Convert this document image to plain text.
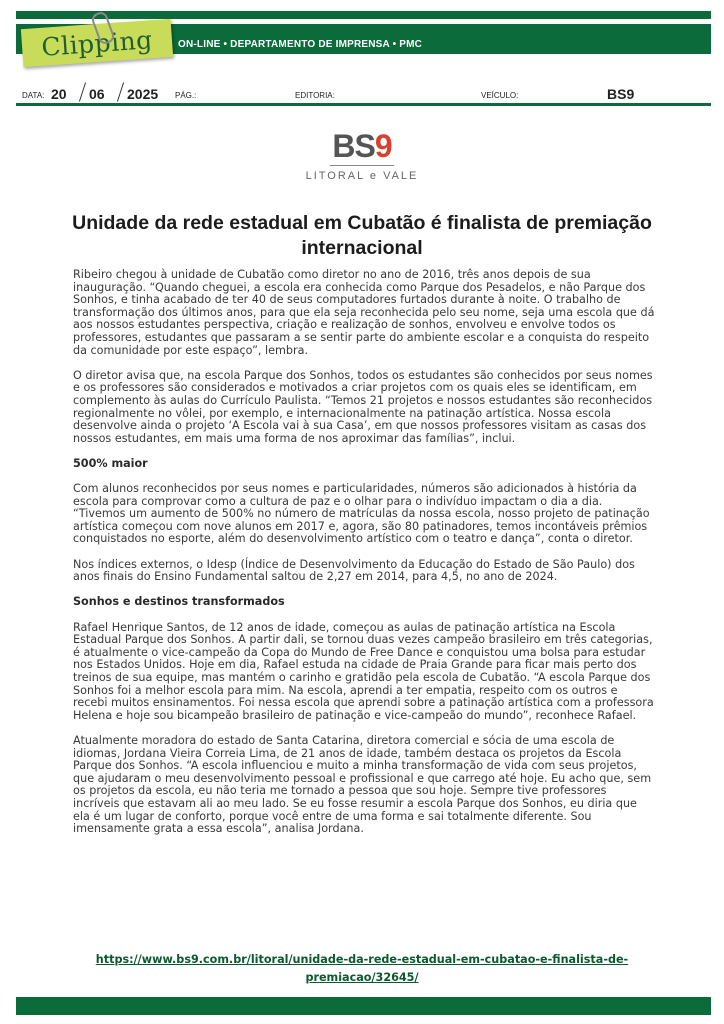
Clipping ON-LINE • DEPARTAMENTO DE IMPRENSA • PMC
DATA: 20 06 2025 PÁG.:	EDITORIA:	VEÍCULO:	BS9
BS9
LITORAL e VALE
Unidade da rede estadual em Cubatão é finalista de premiação internacional

Ribeiro chegou à unidade de Cubatão como diretor no ano de 2016, três anos depois de sua inauguração. “Quando cheguei, a escola era conhecida como Parque dos Pesadelos, e não Parque dos Sonhos, e tinha acabado de ter 40 de seus computadores furtados durante à noite. O trabalho de transformação dos últimos anos, para que ela seja reconhecida pelo seu nome, seja uma escola que dá aos nossos estudantes perspectiva, criação e realização de sonhos, envolveu e envolve todos os professores, estudantes que passaram a se sentir parte do ambiente escolar e a conquista do respeito da comunidade por este espaço”, lembra.

O diretor avisa que, na escola Parque dos Sonhos, todos os estudantes são conhecidos por seus nomes e os professores são considerados e motivados a criar projetos com os quais eles se identificam, em complemento às aulas do Currículo Paulista. “Temos 21 projetos e nossos estudantes são reconhecidos regionalmente no vôlei, por exemplo, e internacionalmente na patinação artística. Nossa escola desenvolve ainda o projeto ‘A Escola vai à sua Casa’, em que nossos professores visitam as casas dos nossos estudantes, em mais uma forma de nos aproximar das famílias”, inclui.

500% maior

Com alunos reconhecidos por seus nomes e particularidades, números são adicionados à história da escola para comprovar como a cultura de paz e o olhar para o indivíduo impactam o dia a dia. “Tivemos um aumento de 500% no número de matrículas da nossa escola, nosso projeto de patinação artística começou com nove alunos em 2017 e, agora, são 80 patinadores, temos incontáveis prêmios conquistados no esporte, além do desenvolvimento artístico com o teatro e dança”, conta o diretor.

Nos índices externos, o Idesp (Índice de Desenvolvimento da Educação do Estado de São Paulo) dos anos finais do Ensino Fundamental saltou de 2,27 em 2014, para 4,5, no ano de 2024.

Sonhos e destinos transformados

Rafael Henrique Santos, de 12 anos de idade, começou as aulas de patinação artística na Escola Estadual Parque dos Sonhos. A partir dali, se tornou duas vezes campeão brasileiro em três categorias, é atualmente o vice-campeão da Copa do Mundo de Free Dance e conquistou uma bolsa para estudar nos Estados Unidos. Hoje em dia, Rafael estuda na cidade de Praia Grande para ficar mais perto dos treinos de sua equipe, mas mantém o carinho e gratidão pela escola de Cubatão. “A escola Parque dos Sonhos foi a melhor escola para mim. Na escola, aprendi a ter empatia, respeito com os outros e recebi muitos ensinamentos. Foi nessa escola que aprendi sobre a patinação artística com a professora Helena e hoje sou bicampeão brasileiro de patinação e vice-campeão do mundo”, reconhece Rafael.

Atualmente moradora do estado de Santa Catarina, diretora comercial e sócia de uma escola de idiomas, Jordana Vieira Correia Lima, de 21 anos de idade, também destaca os projetos da Escola Parque dos Sonhos. “A escola influenciou e muito a minha transformação de vida com seus projetos, que ajudaram o meu desenvolvimento pessoal e profissional e que carrego até hoje. Eu acho que, sem os projetos da escola, eu não teria me tornado a pessoa que sou hoje. Sempre tive professores incríveis que estavam ali ao meu lado. Se eu fosse resumir a escola Parque dos Sonhos, eu diria que ela é um lugar de conforto, porque você entre de uma forma e sai totalmente diferente. Sou imensamente grata a essa escola”, analisa Jordana.

https://www.bs9.com.br/litoral/unidade-da-rede-estadual-em-cubatao-e-finalista-de-premiacao/32645/
